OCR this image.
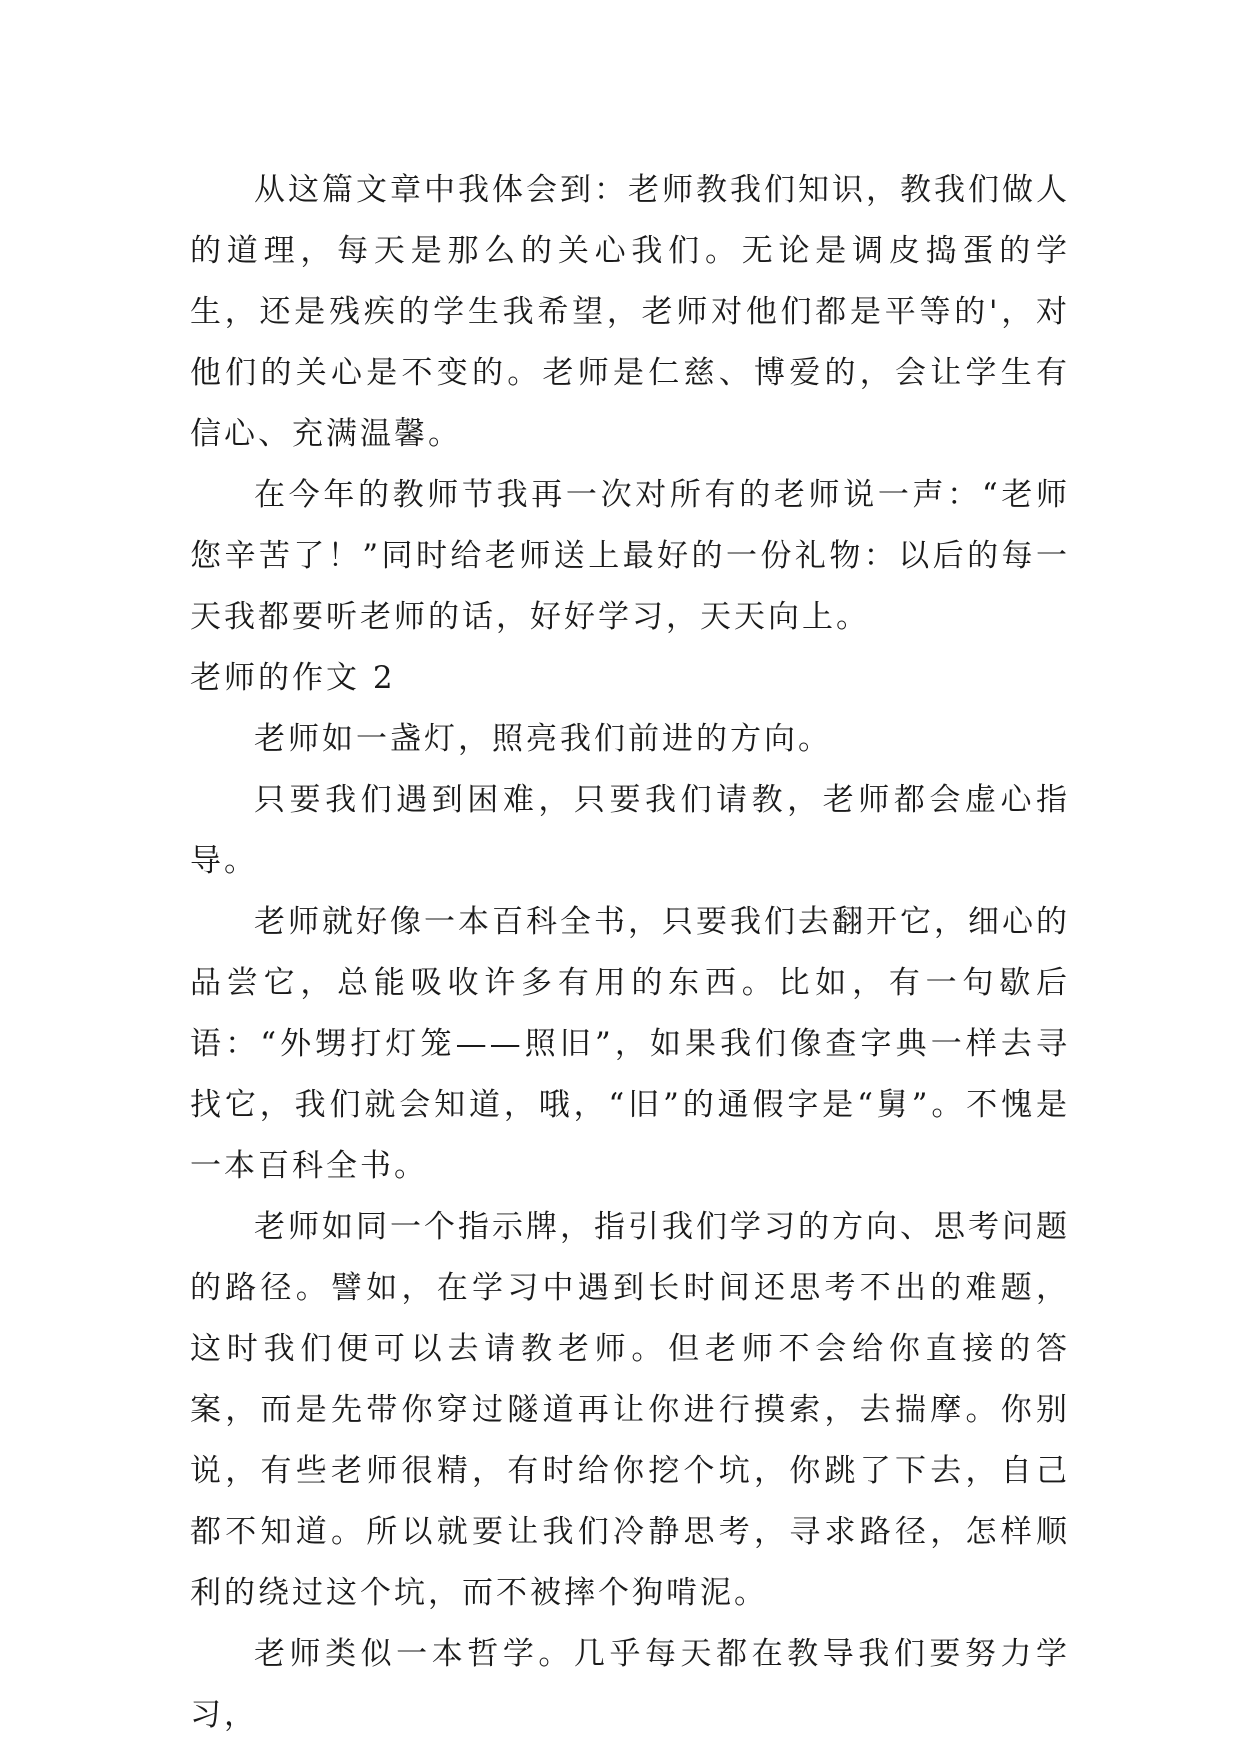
从这篇文章中我体会到：老师教我们知识，教我们做人的道理，每天是那么的关心我们。无论是调皮捣蛋的学生，还是残疾的学生我希望，老师对他们都是平等的'，对他们的关心是不变的。老师是仁慈、博爱的，会让学生有信心、充满温馨。

在今年的教师节我再一次对所有的老师说一声：“老师您辛苦了！”同时给老师送上最好的一份礼物：以后的每一天我都要听老师的话，好好学习，天天向上。

老师的作文 2

老师如一盏灯，照亮我们前进的方向。

只要我们遇到困难，只要我们请教，老师都会虚心指导。

老师就好像一本百科全书，只要我们去翻开它，细心的品尝它，总能吸收许多有用的东西。比如，有一句歇后语：“外甥打灯笼——照旧”，如果我们像查字典一样去寻找它，我们就会知道，哦，“旧”的通假字是“舅”。不愧是一本百科全书。

老师如同一个指示牌，指引我们学习的方向、思考问题的路径。譬如，在学习中遇到长时间还思考不出的难题，这时我们便可以去请教老师。但老师不会给你直接的答案，而是先带你穿过隧道再让你进行摸索，去揣摩。你别说，有些老师很精，有时给你挖个坑，你跳了下去，自己都不知道。所以就要让我们冷静思考，寻求路径，怎样顺利的绕过这个坑，而不被摔个狗啃泥。

老师类似一本哲学。几乎每天都在教导我们要努力学习，
